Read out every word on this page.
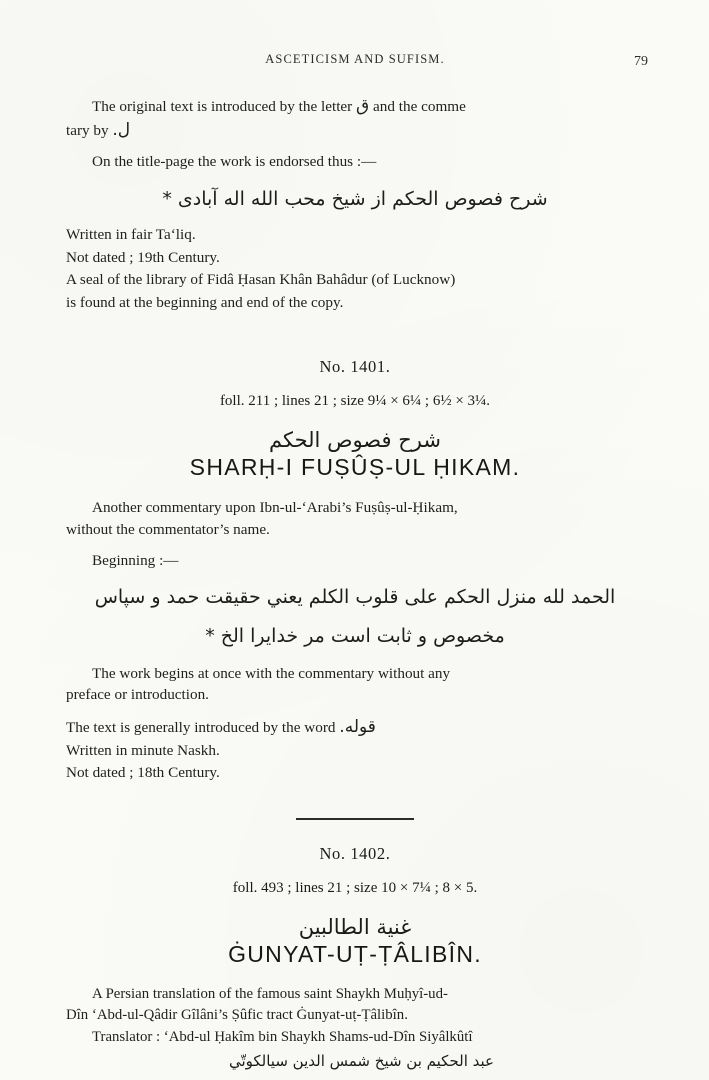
ASCETICISM AND SUFISM.	79

The original text is introduced by the letter ق and the comme

tary by ل.

On the title-page the work is endorsed thus :—

شرح فصوص الحكم از شيخ محب الله اله آبادى *

Written in fair Ta‘liq.

Not dated ; 19th Century.

A seal of the library of Fidâ Ḥasan Khân Bahâdur (of Lucknow)

is found at the beginning and end of the copy.

No. 1401.
foll. 211 ; lines 21 ; size 9¼ × 6¼ ; 6½ × 3¼.
شرح فصوص الحكم
SHARḤ-I FUṢÛṢ-UL ḤIKAM.

Another commentary upon Ibn-ul-‘Arabi’s Fuṣûṣ-ul-Ḥikam,

without the commentator’s name.

Beginning :—

الحمد لله منزل الحكم على قلوب الكلم يعني حقيقت حمد و سپاس
مخصوص و ثابت است مر خدايرا الخ *

The work begins at once with the commentary without any

preface or introduction.

The text is generally introduced by the word قوله.

Written in minute Naskh.

Not dated ; 18th Century.

No. 1402.
foll. 493 ; lines 21 ; size 10 × 7¼ ; 8 × 5.
غنية الطالبين
ĠUNYAT-UṬ-ṬÂLIBÎN.

A Persian translation of the famous saint Shaykh Muḥyî-ud-

Dîn ‘Abd-ul-Qâdir Gîlâni’s Ṣûfic tract Ġunyat-uṭ-Ṭâlibîn.

Translator : ‘Abd-ul Ḥakîm bin Shaykh Shams-ud-Dîn Siyâlkûtî

عبد الحكيم بن شيخ شمس الدين سيالكوتّي
